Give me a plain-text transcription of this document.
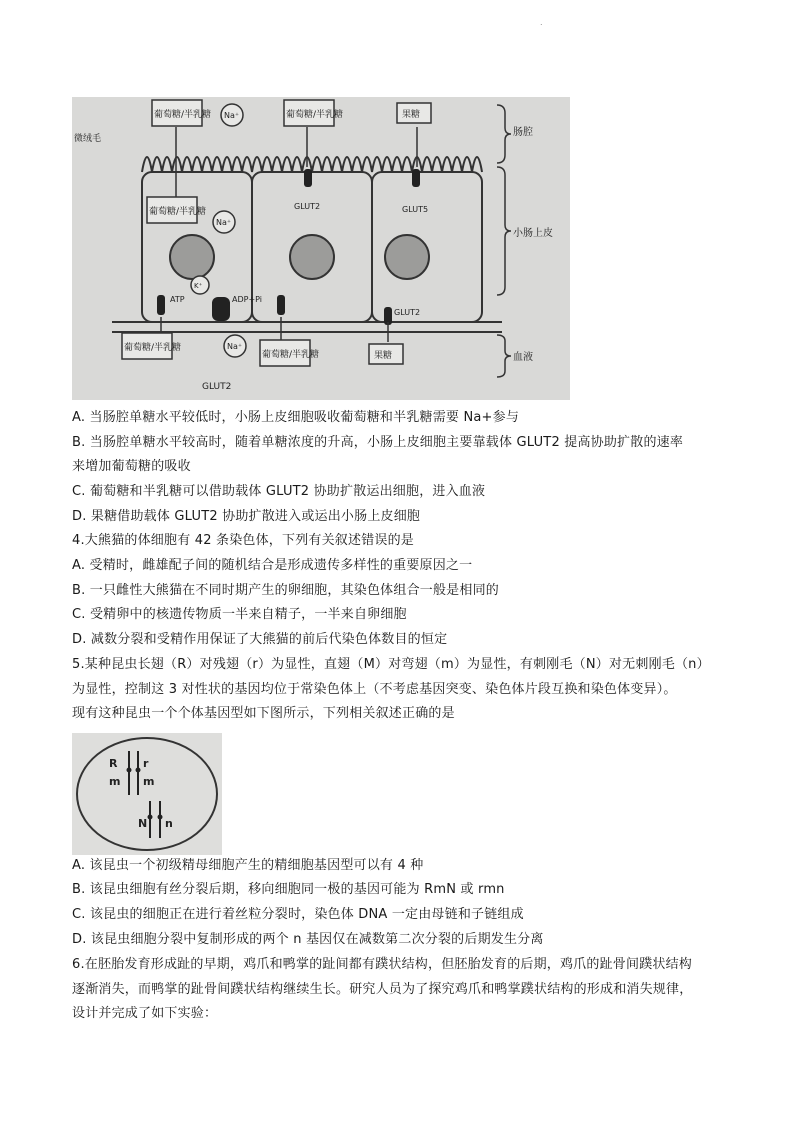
.
葡萄糖/半乳糖 Na⁺	葡萄糖/半乳糖	果糖
微绒毛
葡萄糖/半乳糖
Na⁺
GLUT2	GLUT5
K⁺
ATP	ADP+Pi
GLUT2
葡萄糖/半乳糖	Na⁺
葡萄糖/半乳糖	果糖
GLUT2
肠腔
小肠上皮
血液
A. 当肠腔单糖水平较低时，小肠上皮细胞吸收葡萄糖和半乳糖需要 Na+参与
B. 当肠腔单糖水平较高时，随着单糖浓度的升高，小肠上皮细胞主要靠载体 GLUT2 提高协助扩散的速率
来增加葡萄糖的吸收
C. 葡萄糖和半乳糖可以借助载体 GLUT2 协助扩散运出细胞，进入血液
D. 果糖借助载体 GLUT2 协助扩散进入或运出小肠上皮细胞
4.大熊猫的体细胞有 42 条染色体，下列有关叙述错误的是
A. 受精时，雌雄配子间的随机结合是形成遗传多样性的重要原因之一
B. 一只雌性大熊猫在不同时期产生的卵细胞，其染色体组合一般是相同的
C. 受精卵中的核遗传物质一半来自精子，一半来自卵细胞
D. 减数分裂和受精作用保证了大熊猫的前后代染色体数目的恒定
5.某种昆虫长翅（R）对残翅（r）为显性，直翅（M）对弯翅（m）为显性，有刺刚毛（N）对无刺刚毛（n）
为显性，控制这 3 对性状的基因均位于常染色体上（不考虑基因突变、染色体片段互换和染色体变异）。
现有这种昆虫一个个体基因型如下图所示，下列相关叙述正确的是
R r
m m
N n
A. 该昆虫一个初级精母细胞产生的精细胞基因型可以有 4 种
B. 该昆虫细胞有丝分裂后期，移向细胞同一极的基因可能为 RmN 或 rmn
C. 该昆虫的细胞正在进行着丝粒分裂时，染色体 DNA 一定由母链和子链组成
D. 该昆虫细胞分裂中复制形成的两个 n 基因仅在减数第二次分裂的后期发生分离
6.在胚胎发育形成趾的早期，鸡爪和鸭掌的趾间都有蹼状结构，但胚胎发育的后期，鸡爪的趾骨间蹼状结构
逐渐消失，而鸭掌的趾骨间蹼状结构继续生长。研究人员为了探究鸡爪和鸭掌蹼状结构的形成和消失规律，
设计并完成了如下实验：
